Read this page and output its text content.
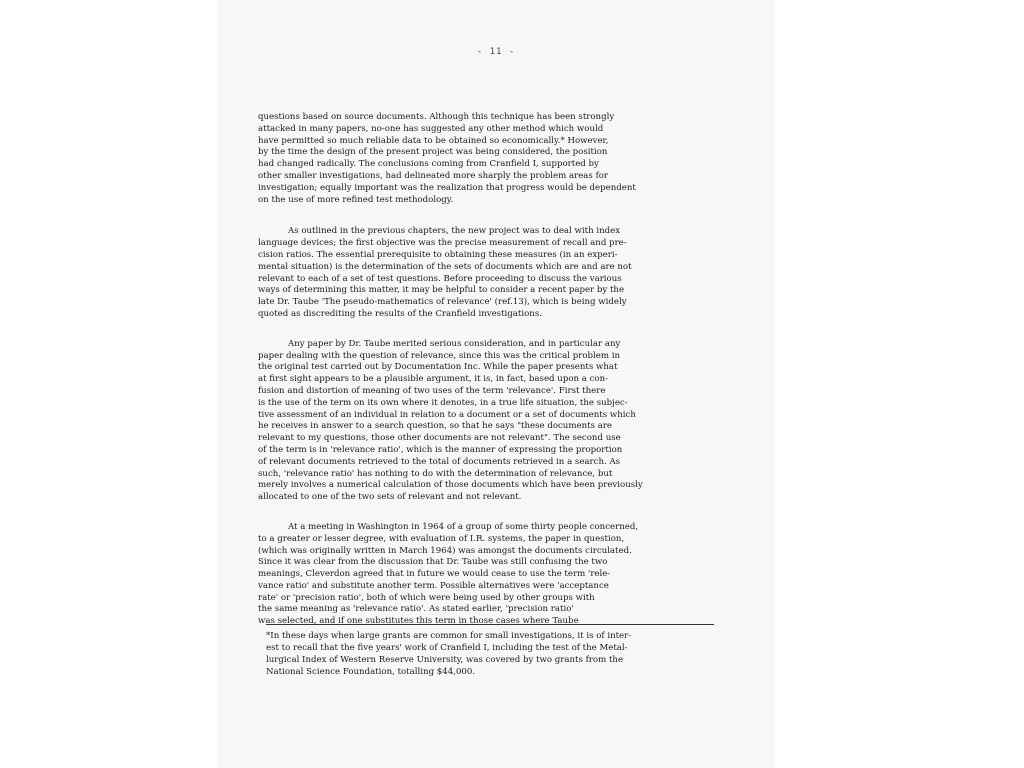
- 11 -

questions based on source documents. Although this technique has been strongly
attacked in many papers, no-one has suggested any other method which would
have permitted so much reliable data to be obtained so economically.* However,
by the time the design of the present project was being considered, the position
had changed radically. The conclusions coming from Cranfield I, supported by
other smaller investigations, had delineated more sharply the problem areas for
investigation; equally important was the realization that progress would be dependent
on the use of more refined test methodology.

As outlined in the previous chapters, the new project was to deal with index
language devices; the first objective was the precise measurement of recall and pre-
cision ratios. The essential prerequisite to obtaining these measures (in an experi-
mental situation) is the determination of the sets of documents which are and are not
relevant to each of a set of test questions. Before proceeding to discuss the various
ways of determining this matter, it may be helpful to consider a recent paper by the
late Dr. Taube 'The pseudo-mathematics of relevance' (ref.13), which is being widely
quoted as discrediting the results of the Cranfield investigations.

Any paper by Dr. Taube merited serious consideration, and in particular any
paper dealing with the question of relevance, since this was the critical problem in
the original test carried out by Documentation Inc. While the paper presents what
at first sight appears to be a plausible argument, it is, in fact, based upon a con-
fusion and distortion of meaning of two uses of the term 'relevance'. First there
is the use of the term on its own where it denotes, in a true life situation, the subjec-
tive assessment of an individual in relation to a document or a set of documents which
he receives in answer to a search question, so that he says "these documents are
relevant to my questions, those other documents are not relevant". The second use
of the term is in 'relevance ratio', which is the manner of expressing the proportion
of relevant documents retrieved to the total of documents retrieved in a search. As
such, 'relevance ratio' has nothing to do with the determination of relevance, but
merely involves a numerical calculation of those documents which have been previously
allocated to one of the two sets of relevant and not relevant.

At a meeting in Washington in 1964 of a group of some thirty people concerned,
to a greater or lesser degree, with evaluation of I.R. systems, the paper in question,
(which was originally written in March 1964) was amongst the documents circulated.
Since it was clear from the discussion that Dr. Taube was still confusing the two
meanings, Cleverdon agreed that in future we would cease to use the term 'rele-
vance ratio' and substitute another term. Possible alternatives were 'acceptance
rate' or 'precision ratio', both of which were being used by other groups with
the same meaning as 'relevance ratio'. As stated earlier, 'precision ratio'
was selected, and if one substitutes this term in those cases where Taube

*In these days when large grants are common for small investigations, it is of inter-
est to recall that the five years' work of Cranfield I, including the test of the Metal-
lurgical Index of Western Reserve University, was covered by two grants from the
National Science Foundation, totalling $44,000.
